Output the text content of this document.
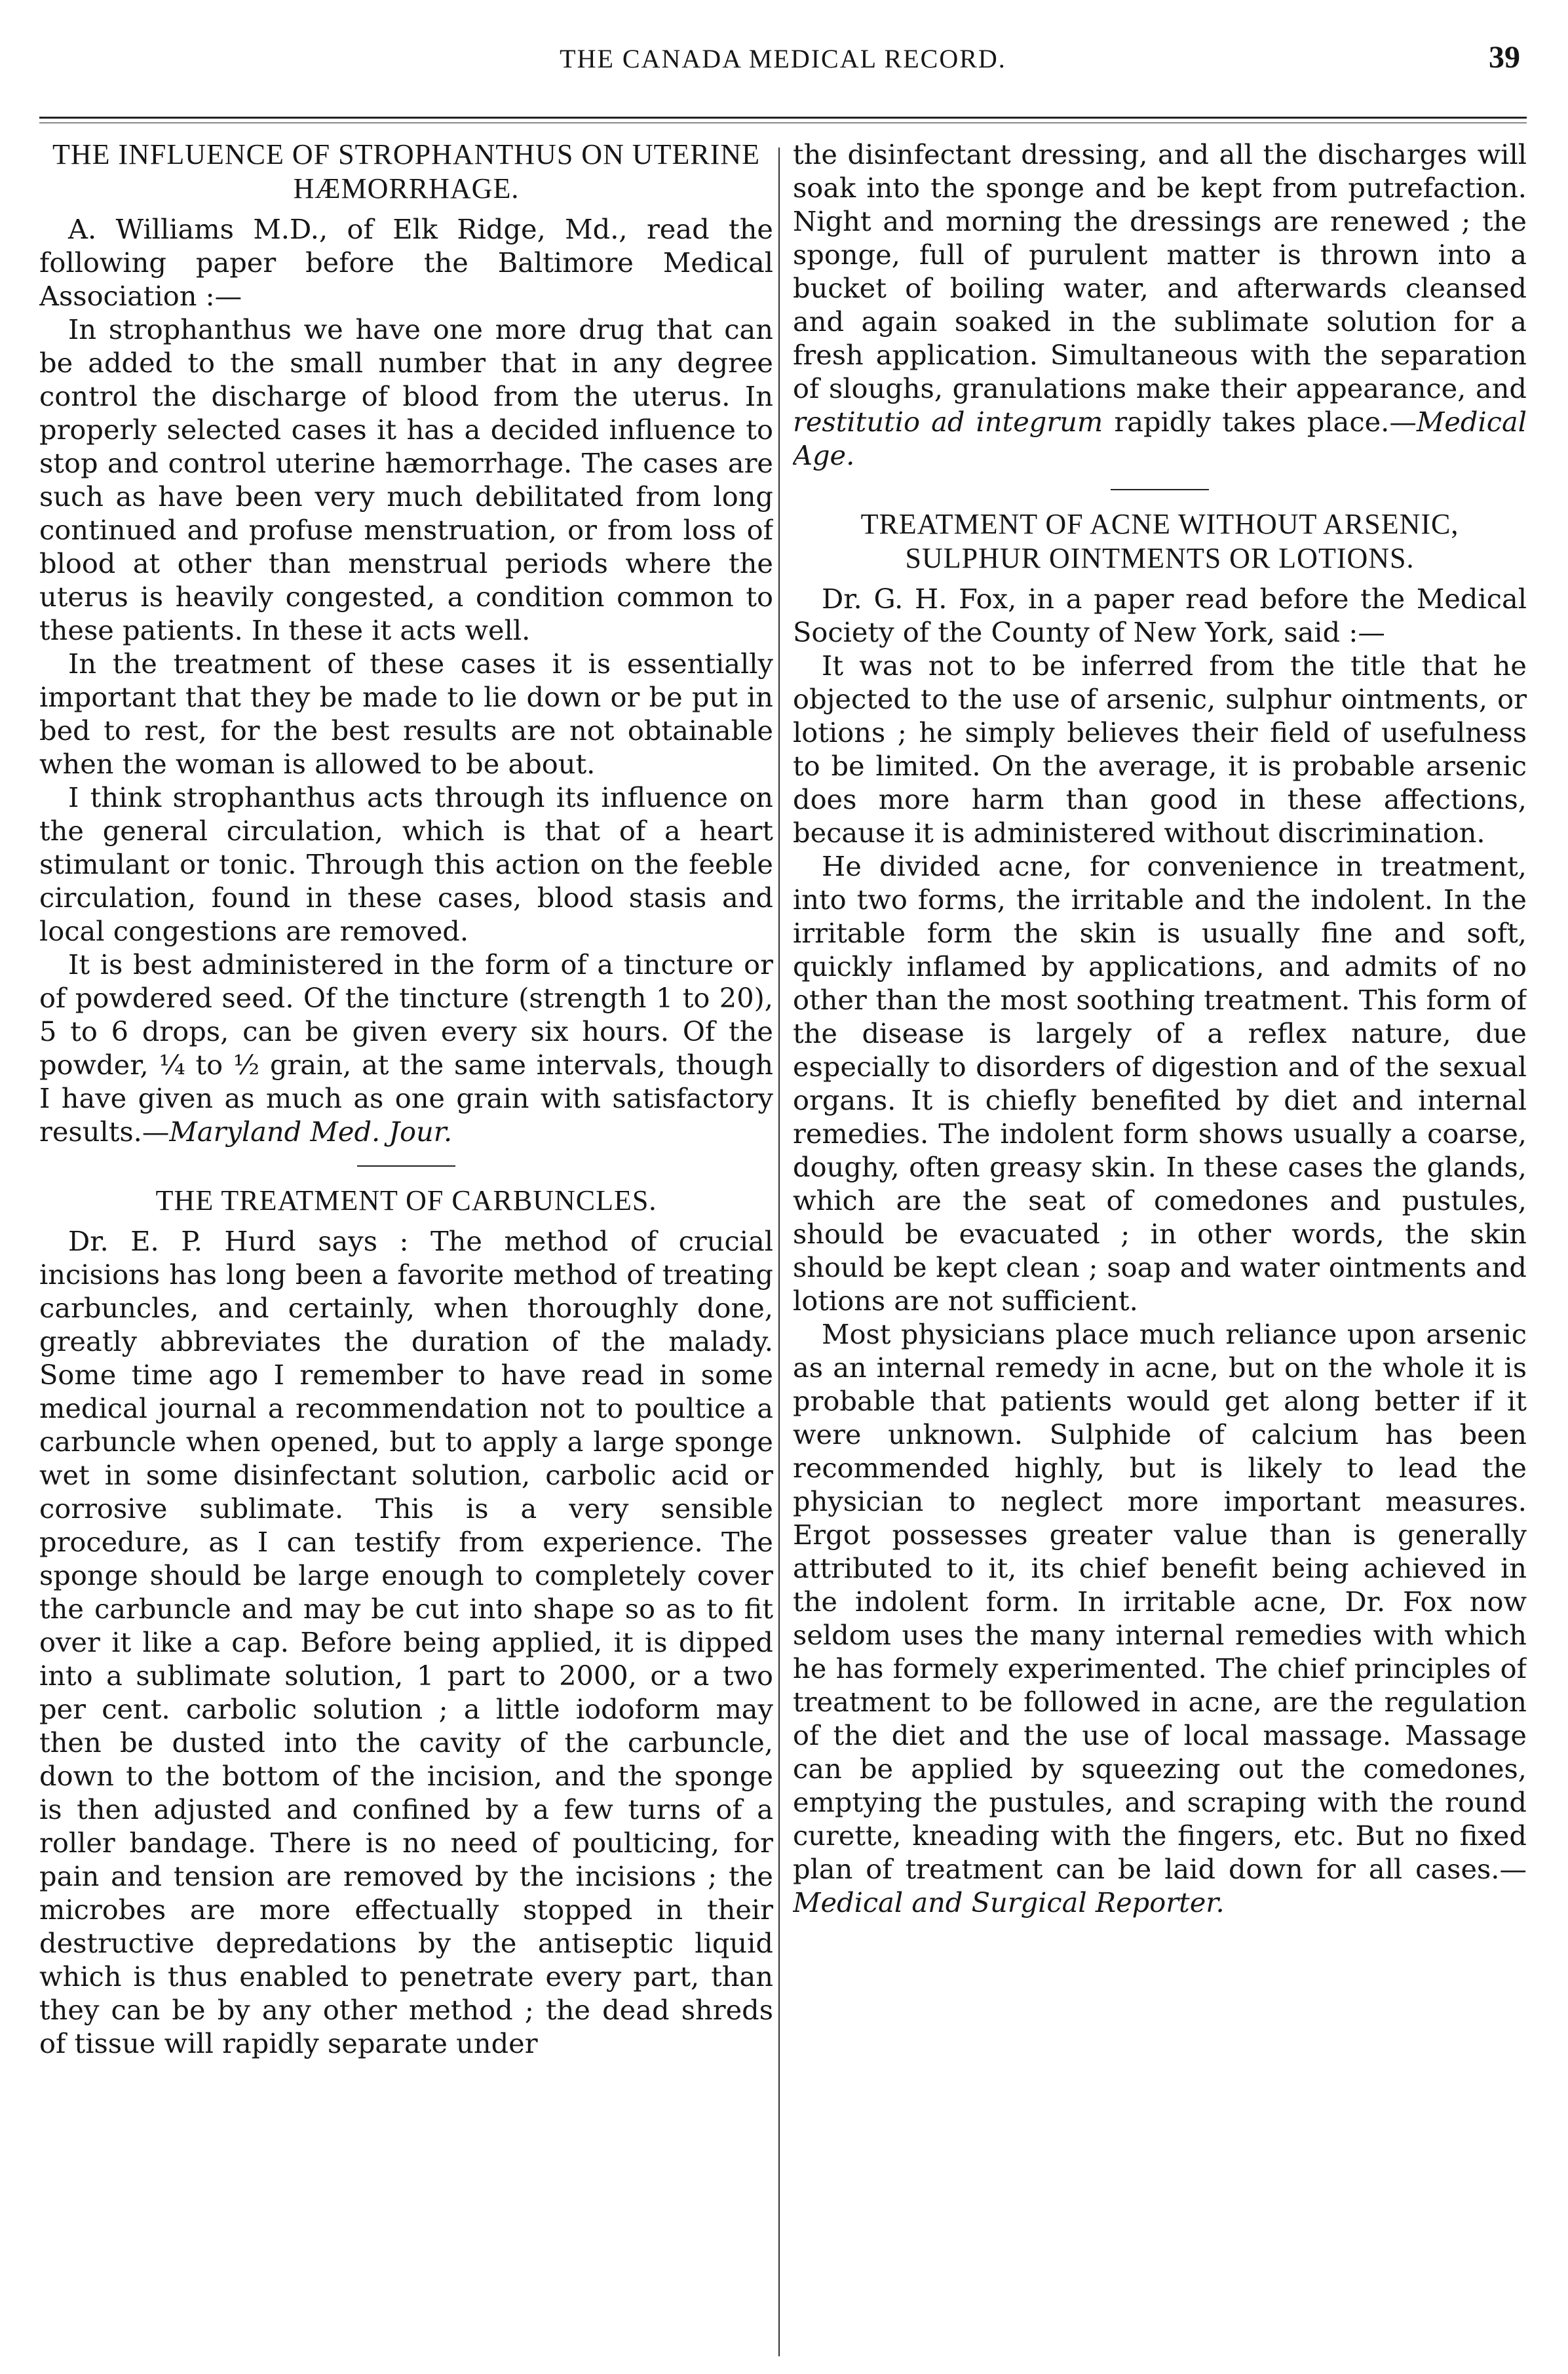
THE CANADA MEDICAL RECORD.	39
THE INFLUENCE OF STROPHANTHUS ON UTERINE HÆMORRHAGE.

A. Williams M.D., of Elk Ridge, Md., read the following paper before the Baltimore Medical Association :—

In strophanthus we have one more drug that can be added to the small number that in any degree control the discharge of blood from the uterus. In properly selected cases it has a decided influence to stop and control uterine hæmorrhage. The cases are such as have been very much debilitated from long continued and profuse menstruation, or from loss of blood at other than menstrual periods where the uterus is heavily congested, a condition common to these patients. In these it acts well.

In the treatment of these cases it is essentially important that they be made to lie down or be put in bed to rest, for the best results are not obtainable when the woman is allowed to be about.

I think strophanthus acts through its influence on the general circulation, which is that of a heart stimulant or tonic. Through this action on the feeble circulation, found in these cases, blood stasis and local congestions are removed.

It is best administered in the form of a tincture or of powdered seed. Of the tincture (strength 1 to 20), 5 to 6 drops, can be given every six hours. Of the powder, ¼ to ½ grain, at the same intervals, though I have given as much as one grain with satisfactory results.—Maryland Med. Jour.

THE TREATMENT OF CARBUNCLES.

Dr. E. P. Hurd says : The method of crucial incisions has long been a favorite method of treating carbuncles, and certainly, when thoroughly done, greatly abbreviates the duration of the malady. Some time ago I remember to have read in some medical journal a recommendation not to poultice a carbuncle when opened, but to apply a large sponge wet in some disinfectant solution, carbolic acid or corrosive sublimate. This is a very sensible procedure, as I can testify from experience. The sponge should be large enough to completely cover the carbuncle and may be cut into shape so as to fit over it like a cap. Before being applied, it is dipped into a sublimate solution, 1 part to 2000, or a two per cent. carbolic solution ; a little iodoform may then be dusted into the cavity of the carbuncle, down to the bottom of the incision, and the sponge is then adjusted and confined by a few turns of a roller bandage. There is no need of poulticing, for pain and tension are removed by the incisions ; the microbes are more effectually stopped in their destructive depredations by the antiseptic liquid which is thus enabled to penetrate every part, than they can be by any other method ; the dead shreds of tissue will rapidly separate under

the disinfectant dressing, and all the discharges will soak into the sponge and be kept from putrefaction. Night and morning the dressings are renewed ; the sponge, full of purulent matter is thrown into a bucket of boiling water, and afterwards cleansed and again soaked in the sublimate solution for a fresh application. Simultaneous with the separation of sloughs, granulations make their appearance, and restitutio ad integrum rapidly takes place.—Medical Age.

TREATMENT OF ACNE WITHOUT ARSENIC, SULPHUR OINTMENTS OR LOTIONS.

Dr. G. H. Fox, in a paper read before the Medical Society of the County of New York, said :—

It was not to be inferred from the title that he objected to the use of arsenic, sulphur ointments, or lotions ; he simply believes their field of usefulness to be limited. On the average, it is probable arsenic does more harm than good in these affections, because it is administered without discrimination.

He divided acne, for convenience in treatment, into two forms, the irritable and the indolent. In the irritable form the skin is usually fine and soft, quickly inflamed by applications, and admits of no other than the most soothing treatment. This form of the disease is largely of a reflex nature, due especially to disorders of digestion and of the sexual organs. It is chiefly benefited by diet and internal remedies. The indolent form shows usually a coarse, doughy, often greasy skin. In these cases the glands, which are the seat of comedones and pustules, should be evacuated ; in other words, the skin should be kept clean ; soap and water ointments and lotions are not sufficient.

Most physicians place much reliance upon arsenic as an internal remedy in acne, but on the whole it is probable that patients would get along better if it were unknown. Sulphide of calcium has been recommended highly, but is likely to lead the physician to neglect more important measures. Ergot possesses greater value than is generally attributed to it, its chief benefit being achieved in the indolent form. In irritable acne, Dr. Fox now seldom uses the many internal remedies with which he has formely experimented. The chief principles of treatment to be followed in acne, are the regulation of the diet and the use of local massage. Massage can be applied by squeezing out the comedones, emptying the pustules, and scraping with the round curette, kneading with the fingers, etc. But no fixed plan of treatment can be laid down for all cases.—Medical and Surgical Reporter.
